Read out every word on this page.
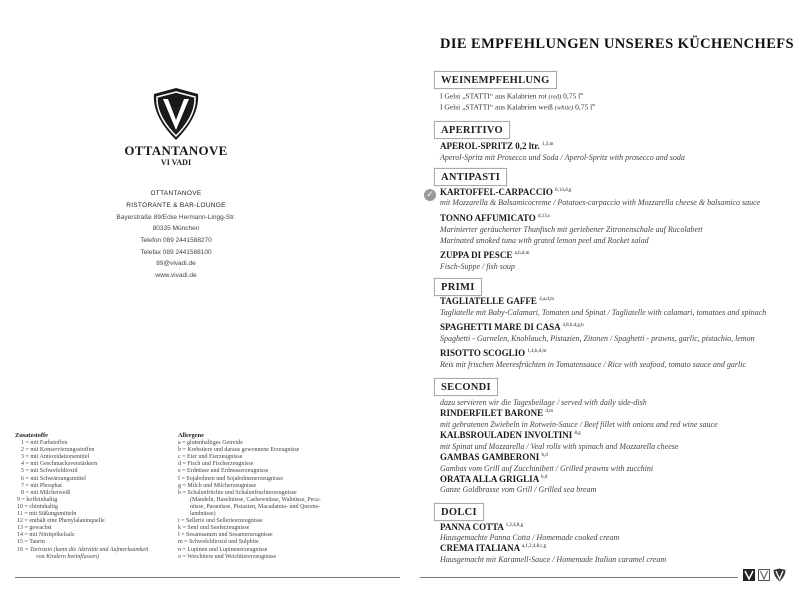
OTTANTANOVE
VI VADI
DIE EMPFEHLUNGEN UNSERES KÜCHENCHEFS
OTTANTANOVE
RISTORANTE & BAR-LOUNGE
Bayerstraße 89/Ecke Hermann-Lingg-Str.
80335 München
Telefon 089 2441588270
Telefax 089 2441588100
89@vivadi.de
www.vivadi.de
Zusatzstoffe
1 = mit Farbstoffen
2 = mit Konservierungsstoffen
3 = mit Antioxidationsmittel
4 = mit Geschmacksverstärkern
5 = mit Schwefeldioxid
6 = mit Schwärzungsmittel
7 = mit Phosphat
8 = mit Milcheiweiß
9 = koffeinhaltig
10 = chininhaltig
11 = mit Süßungsmitteln
12 = enthält eine Phenylalaninquelle
13 = gewachst
14 = mit Nitritpökelsalz
15 = Taurin
16 = Tartrazin (kann die Aktivität und Aufmerksamkeit
von Kindern beeinflussen)
Allergene
a = glutenhaltiges Getreide
b = Krebstiere und daraus gewonnene Erzeugnisse
c = Eier und Eierzeugnisse
d = Fisch und Fischerzeugnisse
e = Erdnüsse und Erdnusserzeugnisse
f = Sojabohnen und Sojabohnenerzeugnisse
g = Milch und Milcherzeugnisse
h = Schalenfrüchte und Schalenfruchterzeugnisse
(Mandeln, Haselnüsse, Cashewnüsse, Walnüsse, Peca-
nüsse, Paranüsse, Pistazien, Macadamia- und Queens-
landnüsse)
i = Sellerie und Sellerieerzeugnisse
k = Senf und Senferzeugnisse
l = Sesamsamen und Sesamerzeugnisse
m = Schwefeldioxid und Sulphite
n = Lupinen und Lupinenerzeugnisse
o = Weichtiere und Weichtiererzeugnisse
WEINEMPFEHLUNG
I Gelsi „STATTI“ aus Kalabrien rot (red) 0,75 $l^m$
I Gelsi „STATTI“ aus Kalabrien weiß (white) 0,75 $l^m$
APERITIVO
APEROL-SPRITZ 0,2 ltr. $^{1,3,m}$
Aperol-Spritz mit Prosecco und Soda / Aperol-Spritz with prosecco and soda
ANTIPASTI
KARTOFFEL-CARPACCIO $^{8,14,d,g}$
mit Mozzarella & Balsamicocreme / Potatoes-carpaccio with Mozzarella cheese & balsamico sauce
✓
TONNO AFFUMICATO $^{d,13,s}$
Marinierter geräucherter Thunfisch mit geriebener Zitronenschale auf Rucolabett
Marinated smoked tuna with grated lemon peel and Rocket salad
ZUPPA DI PESCE $^{a,b,d,m}$
Fisch-Suppe / fish soup
PRIMI
TAGLIATELLE GAFFE $^{4,a,d,m}$
Tagliatelle mit Baby-Calamari, Tomaten und Spinat / Tagliatelle with calamari, tomatoes and spinach
SPAGHETTI MARE DI CASA $^{4,8,b,d,g,h}$
Spaghetti - Garnelen, Knoblauch, Pistazien, Zitonen / Spaghetti - prawns, garlic, pistachio, lemon
RISOTTO SCOGLIO $^{1,4,b,d,m}$
Reis mit frischen Meeresfrüchten in Tomatensauce / Rice with seafood, tomato sauce and garlic
SECONDI
dazu servieren wir die Tagesbeilage / served with daily side-dish
RINDERFILET BARONE $^{4,m}$
mit gebratenen Zwiebeln in Rotwein-Sauce / Beef fillet with onions and red wine sauce
KALBSROULADEN INVOLTINI $^{8,g}$
mit Spinat und Mozzarella / Veal rolls with spinach and Mozzarella cheese
GAMBAS GAMBERONI $^{b,d}$
Gambas vom Grill auf Zucchinibett / Grilled prawns with zucchini
ORATA ALLA GRIGLIA $^{b,d}$
Ganze Goldbrasse vom Grill / Grilled sea bream
DOLCI
PANNA COTTA $^{1,2,4,8,g}$
Hausgemachte Panna Cotta / Homemade cooked cream
CREMA ITALIANA $^{a,1,2,4,8,c,g}$
Hausgemacht mit Karamell-Sauce / Homemade Italian caramel cream
